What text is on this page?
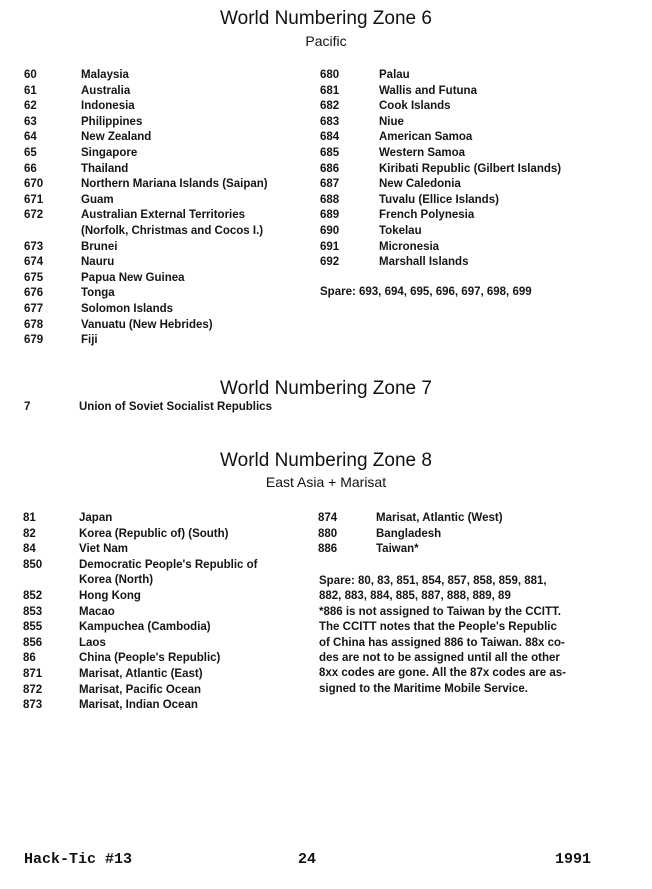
World Numbering Zone 6
Pacific
60	Malaysia
61	Australia
62	Indonesia
63	Philippines
64	New Zealand
65	Singapore
66	Thailand
670	Northern Mariana Islands (Saipan)
671	Guam
672	Australian External Territories
(Norfolk, Christmas and Cocos I.)
673	Brunei
674	Nauru
675	Papua New Guinea
676	Tonga
677	Solomon Islands
678	Vanuatu (New Hebrides)
679	Fiji
680	Palau
681	Wallis and Futuna
682	Cook Islands
683	Niue
684	American Samoa
685	Western Samoa
686	Kiribati Republic (Gilbert Islands)
687	New Caledonia
688	Tuvalu (Ellice Islands)
689	French Polynesia
690	Tokelau
691	Micronesia
692	Marshall Islands
Spare: 693, 694, 695, 696, 697, 698, 699
World Numbering Zone 7
7	Union of Soviet Socialist Republics
World Numbering Zone 8
East Asia + Marisat
81	Japan
82	Korea (Republic of) (South)
84	Viet Nam
850	Democratic People's Republic of
Korea (North)
852	Hong Kong
853	Macao
855	Kampuchea (Cambodia)
856	Laos
86	China (People's Republic)
871	Marisat, Atlantic (East)
872	Marisat, Pacific Ocean
873	Marisat, Indian Ocean
874	Marisat, Atlantic (West)
880	Bangladesh
886	Taiwan*
Spare: 80, 83, 851, 854, 857, 858, 859, 881,
882, 883, 884, 885, 887, 888, 889, 89
*886 is not assigned to Taiwan by the CCITT.
The CCITT notes that the People's Republic
of China has assigned 886 to Taiwan. 88x co-
des are not to be assigned until all the other
8xx codes are gone. All the 87x codes are as-
signed to the Maritime Mobile Service.
Hack-Tic #13	24	1991
